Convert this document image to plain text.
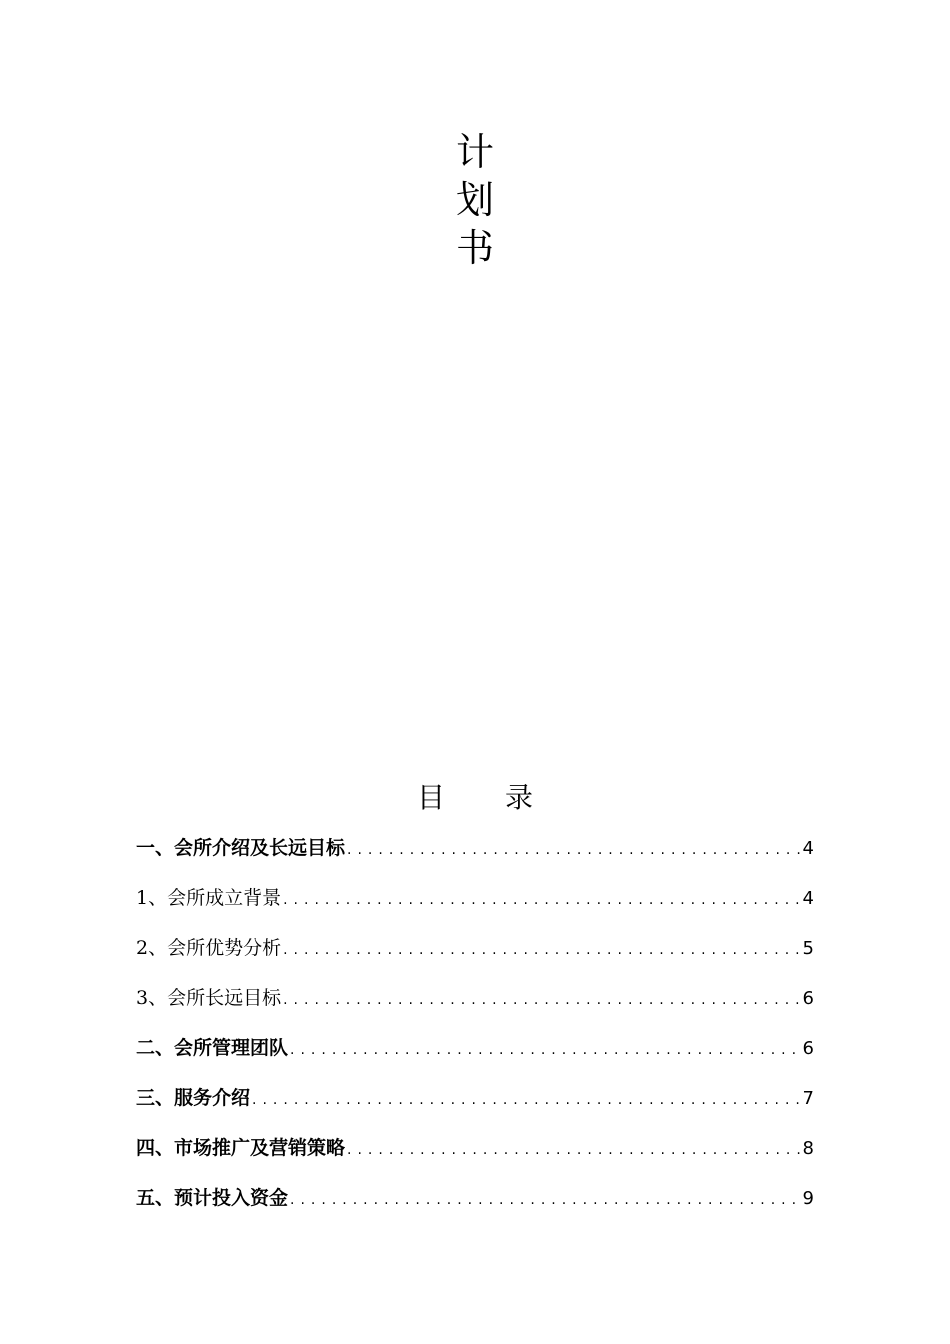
计
划
书
目 录
一、会所介绍及长远目标 .....	4
1、会所成立背景 .....	4
2、会所优势分析 .....	5
3、会所长远目标 .....	6
二、会所管理团队 .....	6
三、服务介绍 .....	7
四、市场推广及营销策略 .....	8
五、预计投入资金 .....	9
